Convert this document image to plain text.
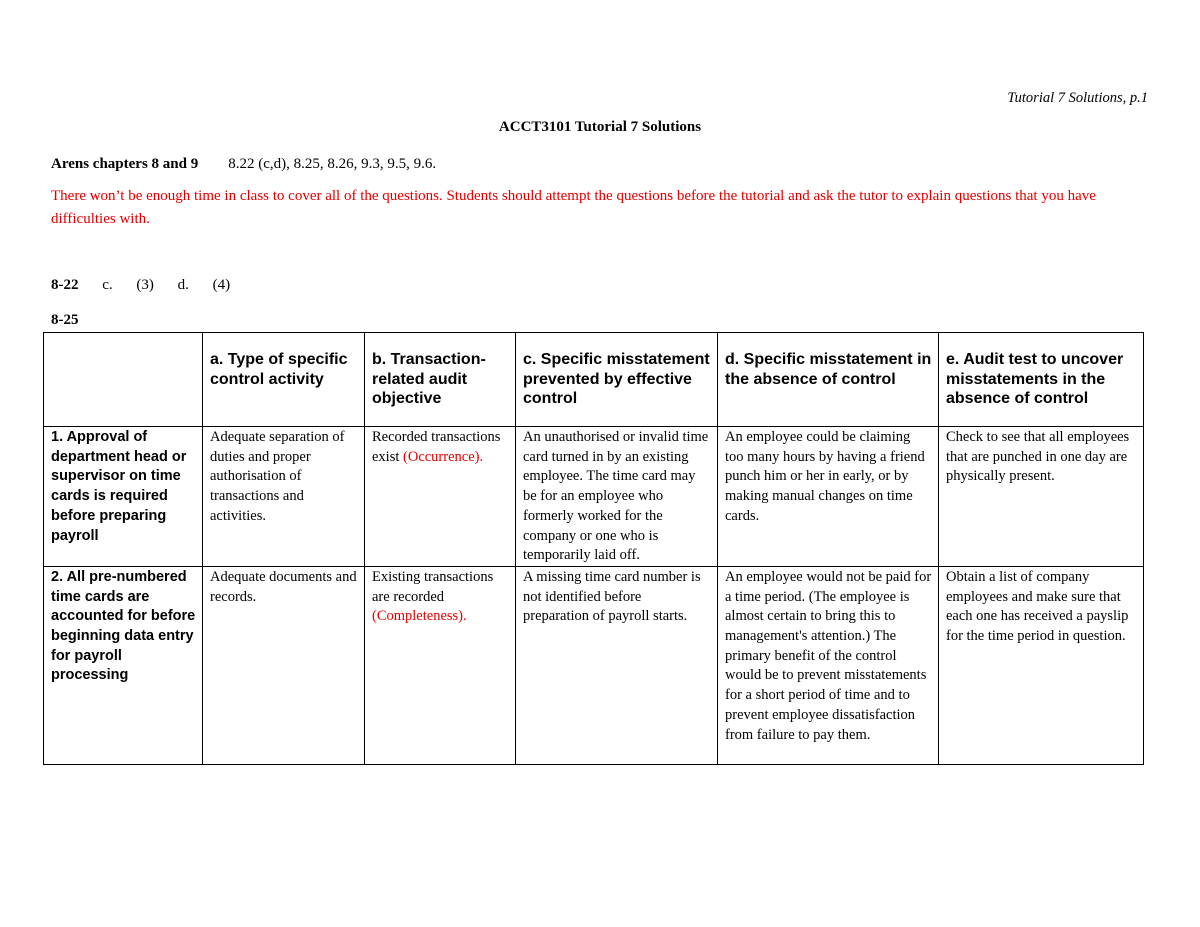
Tutorial 7 Solutions, p.1
ACCT3101 Tutorial 7 Solutions
Arens chapters 8 and 9 8.22 (c,d), 8.25, 8.26, 9.3, 9.5, 9.6.
There won’t be enough time in class to cover all of the questions. Students should attempt the questions before the tutorial and ask the tutor to explain questions that you have difficulties with.
8-22 c. (3) d. (4)
8-25
	a. Type of specific control activity	b. Transaction-related audit objective	c. Specific misstatement prevented by effective control	d. Specific misstatement in the absence of control	e. Audit test to uncover misstatements in the absence of control
1. Approval of department head or supervisor on time cards is required before preparing payroll	Adequate separation of duties and proper authorisation of transactions and activities.	Recorded transactions exist (Occurrence).	An unauthorised or invalid time card turned in by an existing employee. The time card may be for an employee who formerly worked for the company or one who is temporarily laid off.	An employee could be claiming too many hours by having a friend punch him or her in early, or by making manual changes on time cards.	Check to see that all employees that are punched in one day are physically present.
2. All pre-numbered time cards are accounted for before beginning data entry for payroll processing	Adequate documents and records.	Existing transactions are recorded (Completeness).	A missing time card number is not identified before preparation of payroll starts.	An employee would not be paid for a time period. (The employee is almost certain to bring this to management's attention.) The primary benefit of the control would be to prevent misstatements for a short period of time and to prevent employee dissatisfaction from failure to pay them.	Obtain a list of company employees and make sure that each one has received a payslip for the time period in question.
